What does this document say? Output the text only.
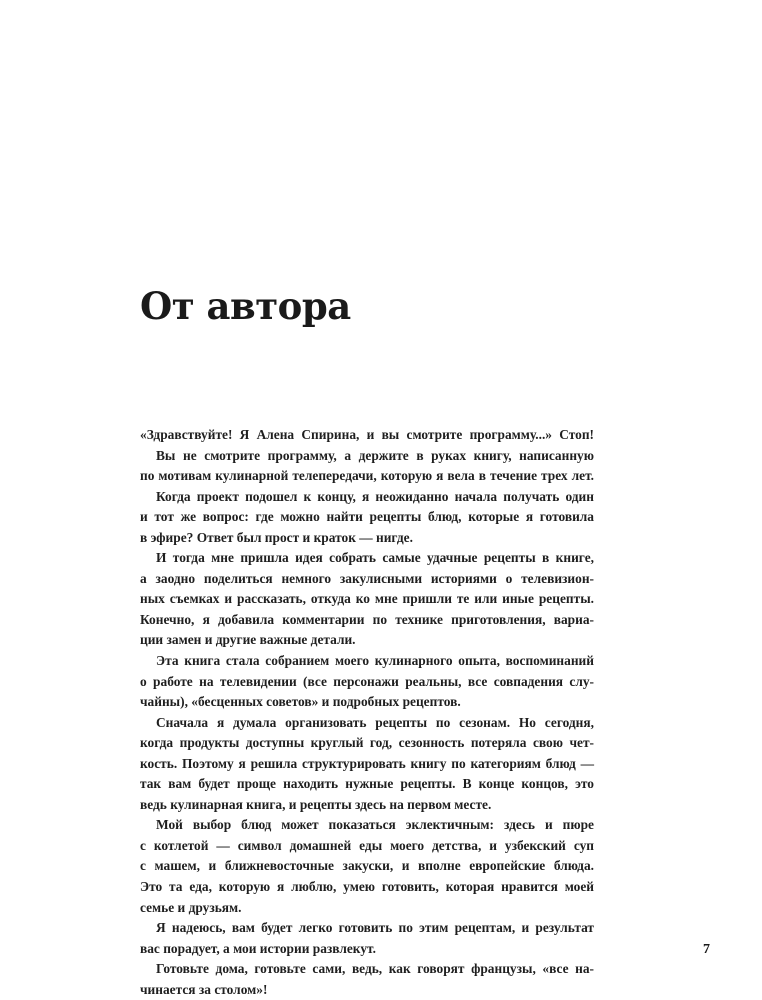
От автора
«Здравствуйте! Я Алена Спирина, и вы смотрите программу...» Стоп!
Вы не смотрите программу, а держите в руках книгу, написанную
по мотивам кулинарной телепередачи, которую я вела в течение трех лет.
Когда проект подошел к концу, я неожиданно начала получать один
и тот же вопрос: где можно найти рецепты блюд, которые я готовила
в эфире? Ответ был прост и краток — нигде.
И тогда мне пришла идея собрать самые удачные рецепты в книге,
а заодно поделиться немного закулисными историями о телевизион-
ных съемках и рассказать, откуда ко мне пришли те или иные рецепты.
Конечно, я добавила комментарии по технике приготовления, вариа-
ции замен и другие важные детали.
Эта книга стала собранием моего кулинарного опыта, воспоминаний
о работе на телевидении (все персонажи реальны, все совпадения слу-
чайны), «бесценных советов» и подробных рецептов.
Сначала я думала организовать рецепты по сезонам. Но сегодня,
когда продукты доступны круглый год, сезонность потеряла свою чет-
кость. Поэтому я решила структурировать книгу по категориям блюд —
так вам будет проще находить нужные рецепты. В конце концов, это
ведь кулинарная книга, и рецепты здесь на первом месте.
Мой выбор блюд может показаться эклектичным: здесь и пюре
с котлетой — символ домашней еды моего детства, и узбекский суп
с машем, и ближневосточные закуски, и вполне европейские блюда.
Это та еда, которую я люблю, умею готовить, которая нравится моей
семье и друзьям.
Я надеюсь, вам будет легко готовить по этим рецептам, и результат
вас порадует, а мои истории развлекут.
Готовьте дома, готовьте сами, ведь, как говорят французы, «все на-
чинается за столом»!
7
